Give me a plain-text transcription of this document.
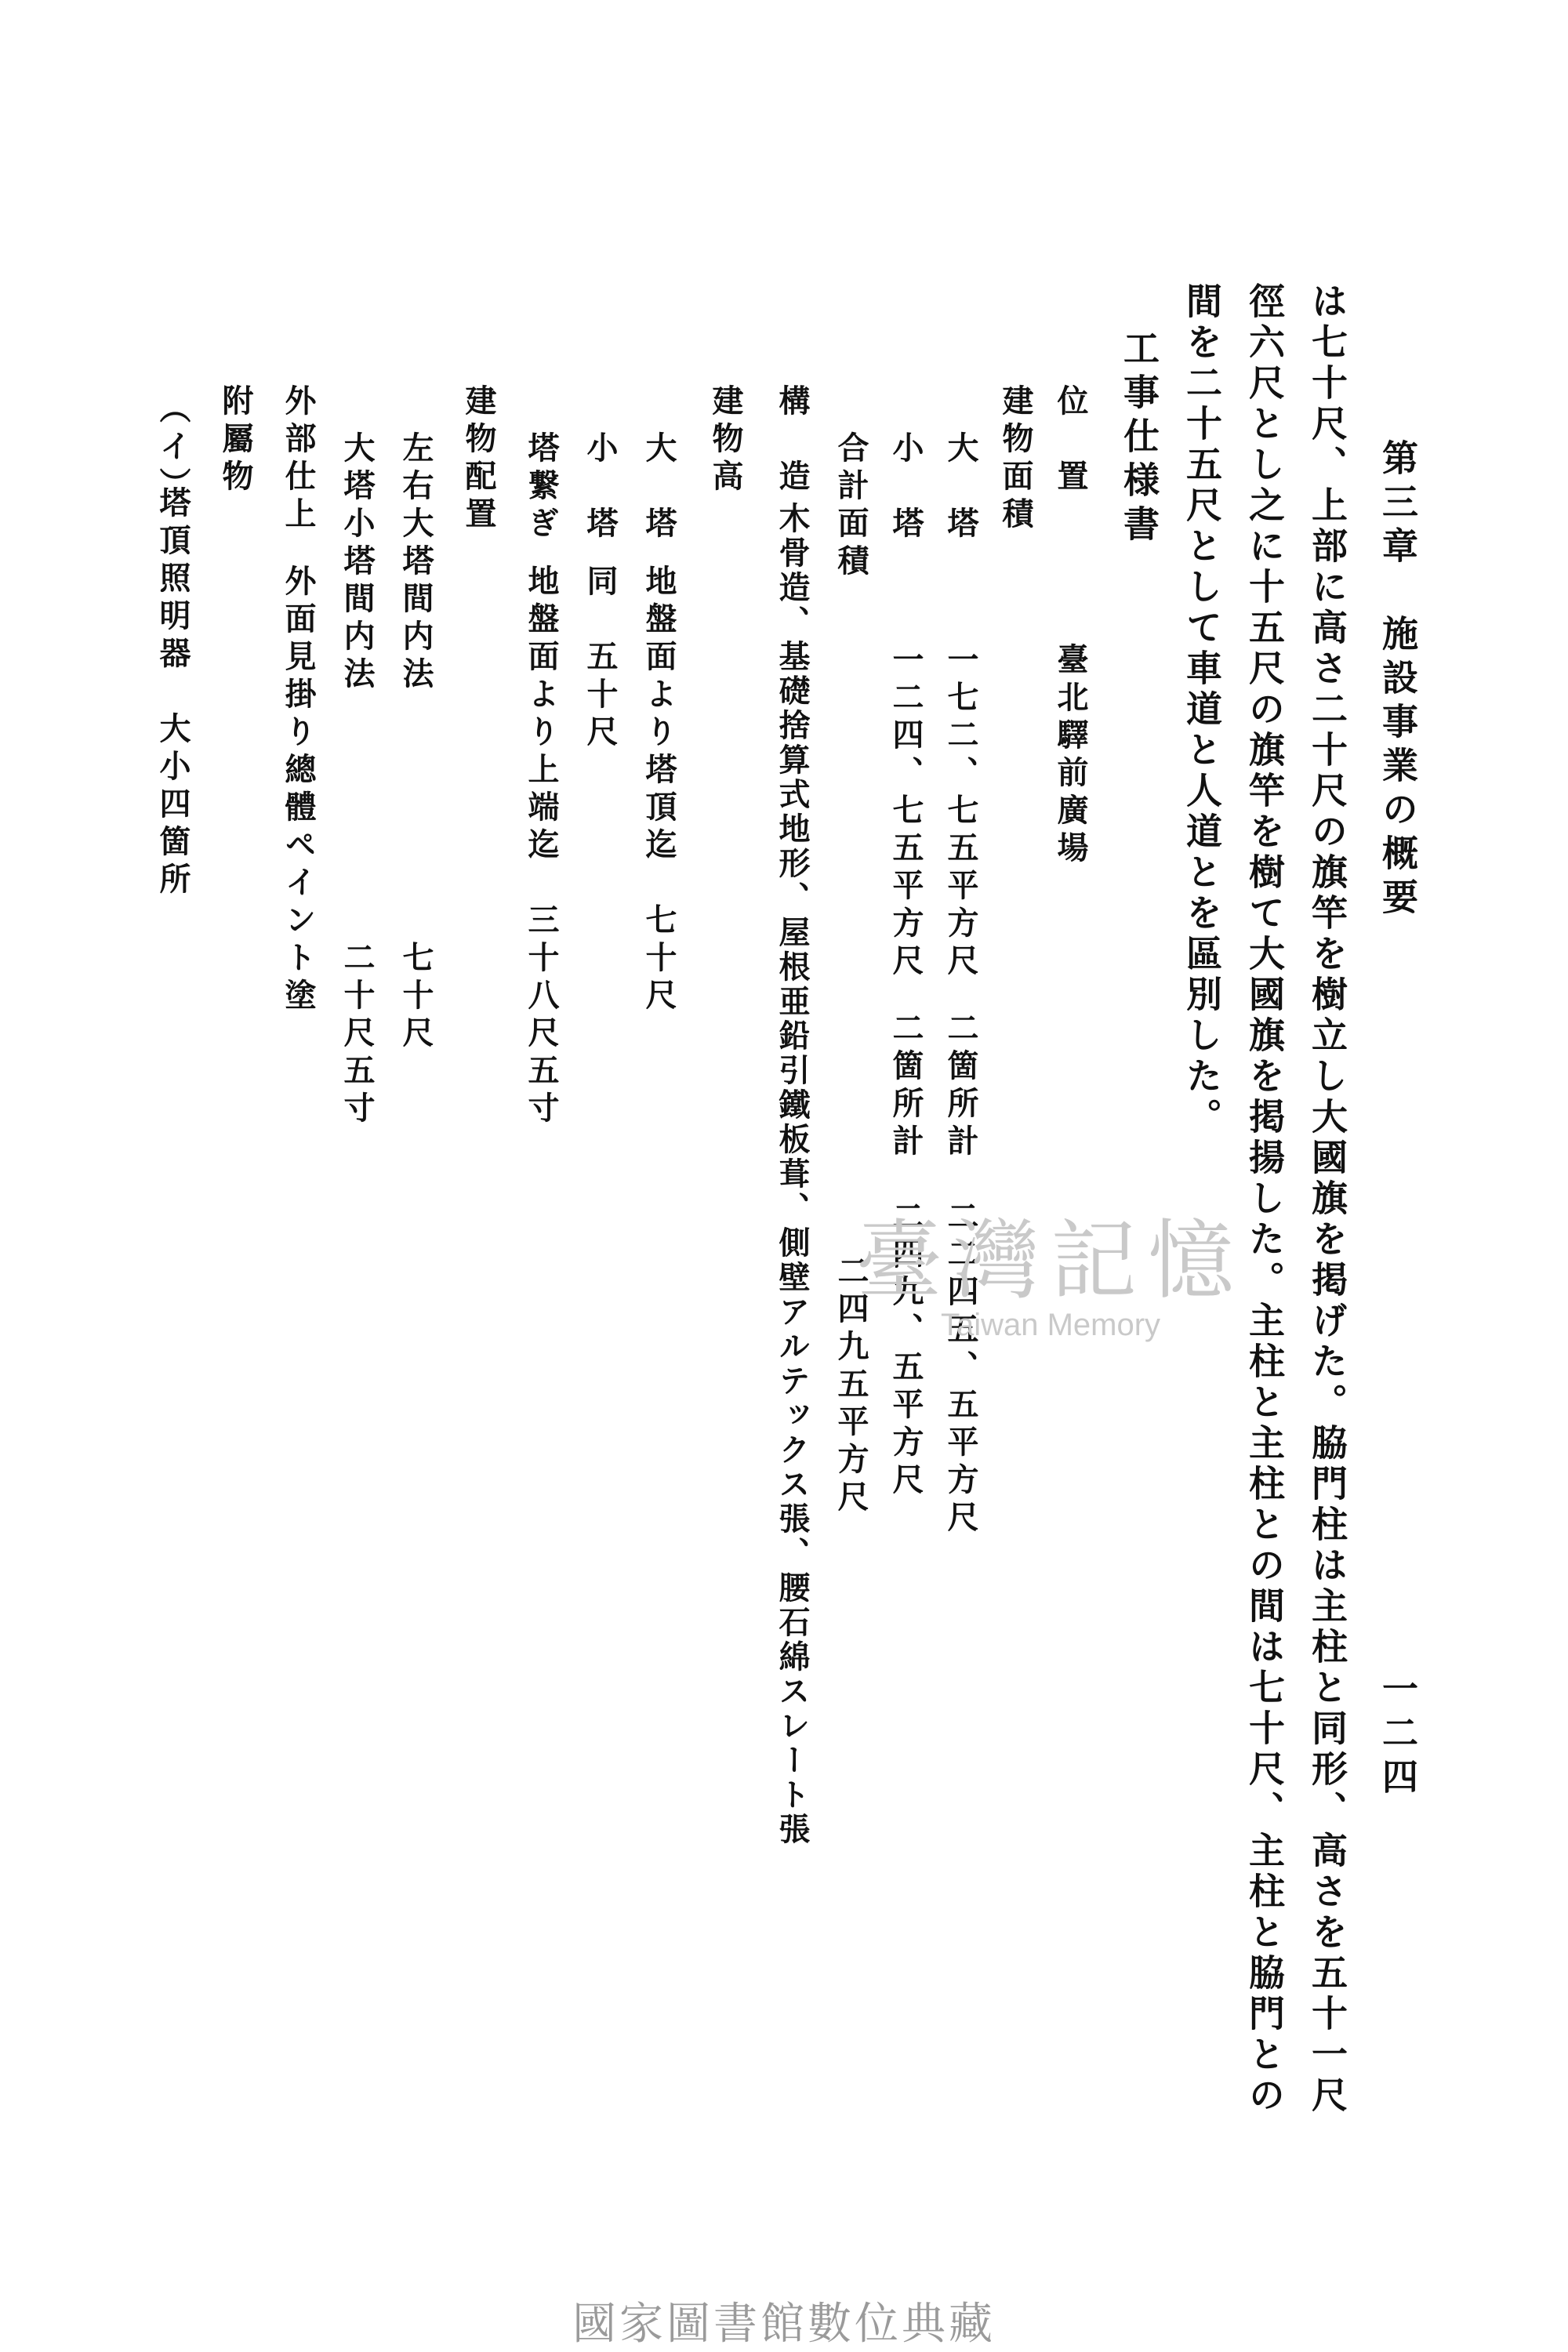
第三章　施設事業の概要
一二四
は七十尺、上部に高さ二十尺の旗竿を樹立し大國旗を掲げた。脇門柱は主柱と同形、高さを五十一尺
徑六尺とし之に十五尺の旗竿を樹て大國旗を掲揚した。主柱と主柱との間は七十尺、主柱と脇門との
間を二十五尺として車道と人道とを區別した。
工事仕様書
位　置
臺北驛前廣場
建物面積
大　塔
一七二、七五平方尺
二箇所計　二二四五、五平方尺
小　塔
一二四、七五平方尺
二箇所計　二四九、五平方尺
合計面積
二四九五平方尺
構　造
木骨造、基礎捨算式地形、屋根亜鉛引鐵板葺、側壁アルテックス張、腰石綿スレート張
建物高
大　塔
地盤面より塔頂迄　七十尺
小　塔
同　五十尺
塔繋ぎ
地盤面より上端迄　三十八尺五寸
建物配置
左右大塔間内法
七十尺
大塔小塔間内法
二十尺五寸
外部仕上
外面見掛り總體ペイント塗
附屬物
（イ）
塔頂照明器　大小四箇所
臺灣記憶
Taiwan Memory
國家圖書館數位典藏
